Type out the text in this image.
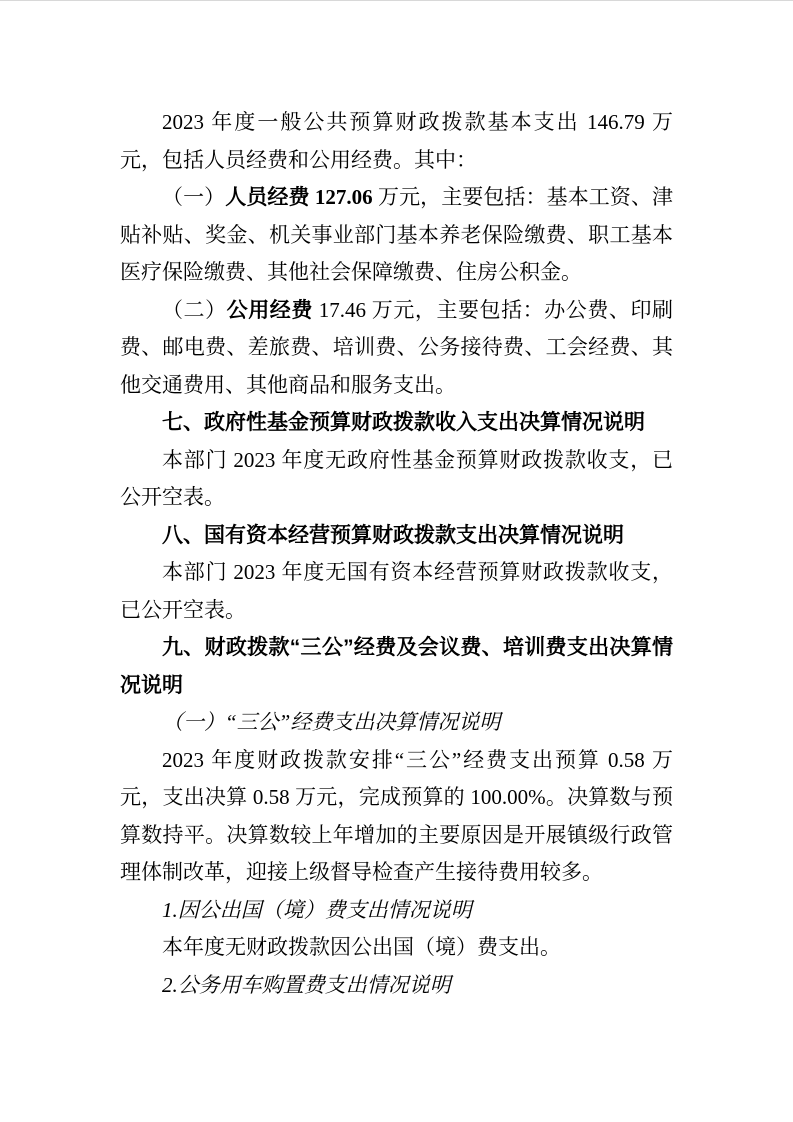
2023 年度一般公共预算财政拨款基本支出 146.79 万元，包括人员经费和公用经费。其中：

（一）人员经费 127.06 万元，主要包括：基本工资、津贴补贴、奖金、机关事业部门基本养老保险缴费、职工基本医疗保险缴费、其他社会保障缴费、住房公积金。

（二）公用经费 17.46 万元，主要包括：办公费、印刷费、邮电费、差旅费、培训费、公务接待费、工会经费、其他交通费用、其他商品和服务支出。

七、政府性基金预算财政拨款收入支出决算情况说明

本部门 2023 年度无政府性基金预算财政拨款收支，已公开空表。

八、国有资本经营预算财政拨款支出决算情况说明

本部门 2023 年度无国有资本经营预算财政拨款收支，已公开空表。

九、财政拨款“三公”经费及会议费、培训费支出决算情况说明
（一）“三公”经费支出决算情况说明

2023 年度财政拨款安排“三公”经费支出预算 0.58 万元，支出决算 0.58 万元，完成预算的 100.00%。决算数与预算数持平。决算数较上年增加的主要原因是开展镇级行政管理体制改革，迎接上级督导检查产生接待费用较多。

1.因公出国（境）费支出情况说明

本年度无财政拨款因公出国（境）费支出。

2.公务用车购置费支出情况说明
